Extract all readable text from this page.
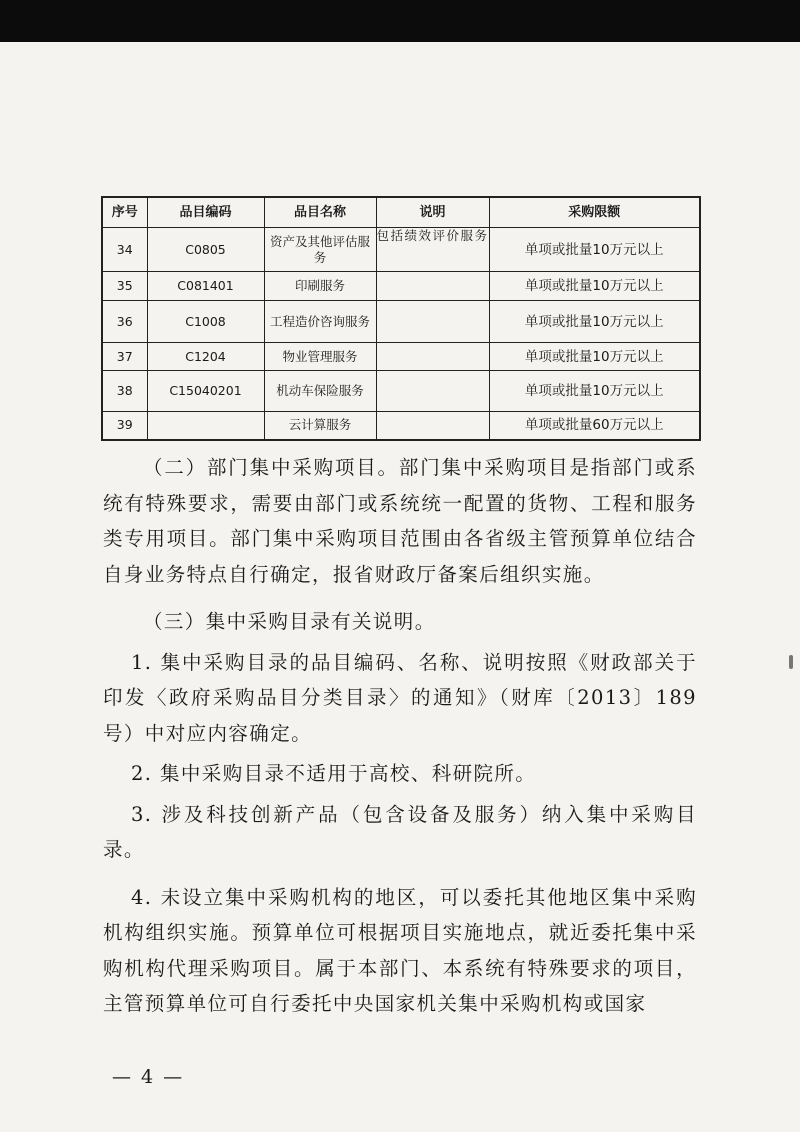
序号	品目编码	品目名称	说明	采购限额
34	C0805	资产及其他评估服务	包括绩效评价服务	单项或批量10万元以上
35	C081401	印刷服务		单项或批量10万元以上
36	C1008	工程造价咨询服务		单项或批量10万元以上
37	C1204	物业管理服务		单项或批量10万元以上
38	C15040201	机动车保险服务		单项或批量10万元以上
39		云计算服务		单项或批量60万元以上

（二）部门集中采购项目。部门集中采购项目是指部门或系统有特殊要求，需要由部门或系统统一配置的货物、工程和服务类专用项目。部门集中采购项目范围由各省级主管预算单位结合自身业务特点自行确定，报省财政厅备案后组织实施。

（三）集中采购目录有关说明。

1. 集中采购目录的品目编码、名称、说明按照《财政部关于印发〈政府采购品目分类目录〉的通知》（财库〔2013〕189号）中对应内容确定。

2. 集中采购目录不适用于高校、科研院所。

3. 涉及科技创新产品（包含设备及服务）纳入集中采购目录。

4. 未设立集中采购机构的地区，可以委托其他地区集中采购机构组织实施。预算单位可根据项目实施地点，就近委托集中采购机构代理采购项目。属于本部门、本系统有特殊要求的项目，主管预算单位可自行委托中央国家机关集中采购机构或国家

— 4 —
